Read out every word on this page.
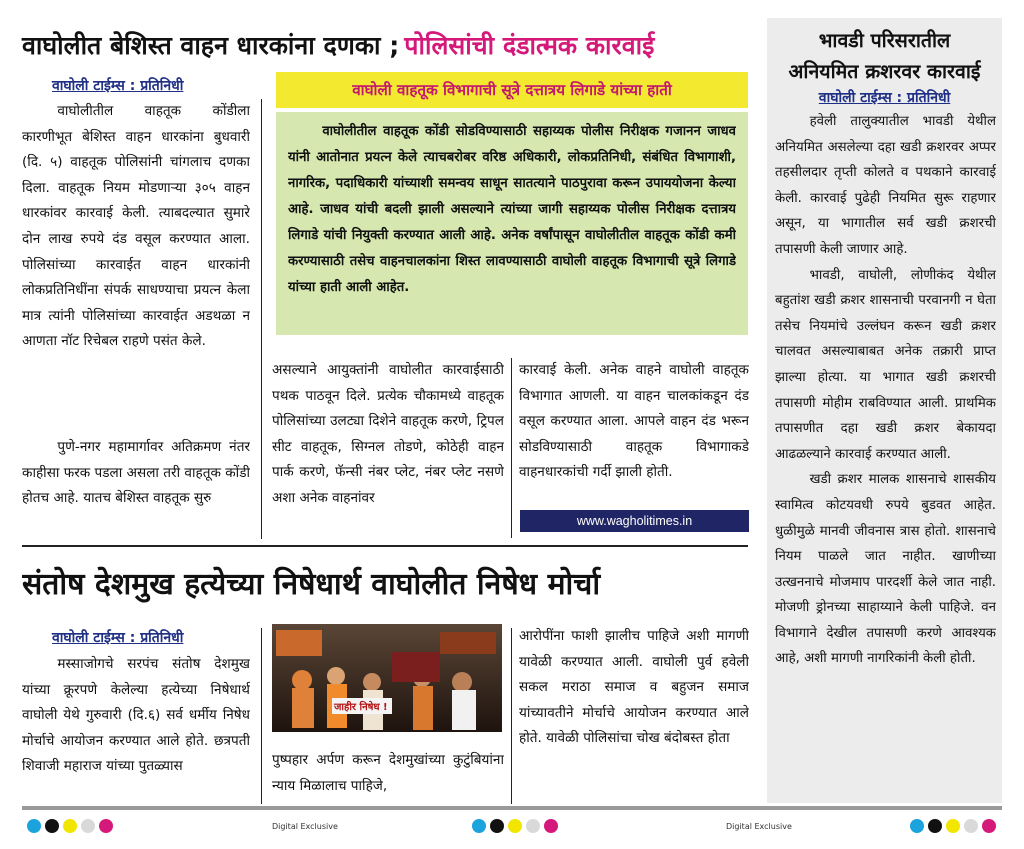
वाघोलीत बेशिस्त वाहन धारकांना दणका ; पोलिसांची दंडात्मक कारवाई

वाघोली टाईम्स : प्रतिनिधी

वाघोलीतील वाहतूक कोंडीला कारणीभूत बेशिस्त वाहन धारकांना बुधवारी (दि. ५) वाहतूक पोलिसांनी चांगलाच दणका दिला. वाहतूक नियम मोडणाऱ्या ३०५ वाहन धारकांवर कारवाई केली. त्याबदल्यात सुमारे दोन लाख रुपये दंड वसूल करण्यात आला. पोलिसांच्या कारवाईत वाहन धारकांनी लोकप्रतिनिधींना संपर्क साधण्याचा प्रयत्न केला मात्र त्यांनी पोलिसांच्या कारवाईत अडथळा न आणता नॉट रिचेबल राहणे पसंत केले.

पुणे-नगर महामार्गावर अतिक्रमण नंतर काहीसा फरक पडला असला तरी वाहतूक कोंडी होतच आहे. यातच बेशिस्त वाहतूक सुरु

वाघोली वाहतूक विभागाची सूत्रे दत्तात्रय लिगाडे यांच्या हाती

वाघोलीतील वाहतूक कोंडी सोडविण्यासाठी सहाय्यक पोलीस निरीक्षक गजानन जाधव यांनी आतोनात प्रयत्न केले त्याचबरोबर वरिष्ठ अधिकारी, लोकप्रतिनिधी, संबंधित विभागाशी, नागरिक, पदाधिकारी यांच्याशी समन्वय साधून सातत्याने पाठपुरावा करून उपाययोजना केल्या आहे. जाधव यांची बदली झाली असल्याने त्यांच्या जागी सहाय्यक पोलीस निरीक्षक दत्तात्रय लिगाडे यांची नियुक्ती करण्यात आली आहे. अनेक वर्षांपासून वाघोलीतील वाहतूक कोंडी कमी करण्यासाठी तसेच वाहनचालकांना शिस्त लावण्यासाठी वाघोली वाहतूक विभागाची सूत्रे लिगाडे यांच्या हाती आली आहेत.

असल्याने आयुक्तांनी वाघोलीत कारवाईसाठी पथक पाठवून दिले. प्रत्येक चौकामध्ये वाहतूक पोलिसांच्या उलट्या दिशेने वाहतूक करणे, ट्रिपल सीट वाहतूक, सिग्नल तोडणे, कोठेही वाहन पार्क करणे, फॅन्सी नंबर प्लेट, नंबर प्लेट नसणे अशा अनेक वाहनांवर

कारवाई केली. अनेक वाहने वाघोली वाहतूक विभागात आणली. या वाहन चालकांकडून दंड वसूल करण्यात आला. आपले वाहन दंड भरून सोडविण्यासाठी वाहतूक विभागाकडे वाहनधारकांची गर्दी झाली होती.

www.wagholitimes.in

संतोष देशमुख हत्येच्या निषेधार्थ वाघोलीत निषेध मोर्चा

वाघोली टाईम्स : प्रतिनिधी

मस्साजोगचे सरपंच संतोष देशमुख यांच्या क्रूरपणे केलेल्या हत्येच्या निषेधार्थ वाघोली येथे गुरुवारी (दि.६) सर्व धर्मीय निषेध मोर्चाचे आयोजन करण्यात आले होते. छत्रपती शिवाजी महाराज यांच्या पुतळ्यास

जाहीर निषेध !

पुष्पहार अर्पण करून देशमुखांच्या कुटुंबियांना न्याय मिळालाच पाहिजे,

आरोपींना फाशी झालीच पाहिजे अशी मागणी यावेळी करण्यात आली. वाघोली पुर्व हवेली सकल मराठा समाज व बहुजन समाज यांच्यावतीने मोर्चाचे आयोजन करण्यात आले होते. यावेळी पोलिसांचा चोख बंदोबस्त होता

भावडी परिसरातील

अनियमित क्रशरवर कारवाई

वाघोली टाईम्स : प्रतिनिधी

हवेली तालुक्यातील भावडी येथील अनियमित असलेल्या दहा खडी क्रशरवर अप्पर तहसीलदार तृप्ती कोलते व पथकाने कारवाई केली. कारवाई पुढेही नियमित सुरू राहणार असून, या भागातील सर्व खडी क्रशरची तपासणी केली जाणार आहे.

भावडी, वाघोली, लोणीकंद येथील बहुतांश खडी क्रशर शासनाची परवानगी न घेता तसेच नियमांचे उल्लंघन करून खडी क्रशर चालवत असल्याबाबत अनेक तक्रारी प्राप्त झाल्या होत्या. या भागात खडी क्रशरची तपासणी मोहीम राबविण्यात आली. प्राथमिक तपासणीत दहा खडी क्रशर बेकायदा आढळल्याने कारवाई करण्यात आली.

खडी क्रशर मालक शासनाचे शासकीय स्वामित्व कोटयवधी रुपये बुडवत आहेत. धुळीमुळे मानवी जीवनास त्रास होतो. शासनाचे नियम पाळले जात नाहीत. खाणीच्या उत्खननाचे मोजमाप पारदर्शी केले जात नाही. मोजणी ड्रोनच्या साहाय्याने केली पाहिजे. वन विभागाने देखील तपासणी करणे आवश्यक आहे, अशी मागणी नागरिकांनी केली होती.

Digital Exclusive	Digital Exclusive
